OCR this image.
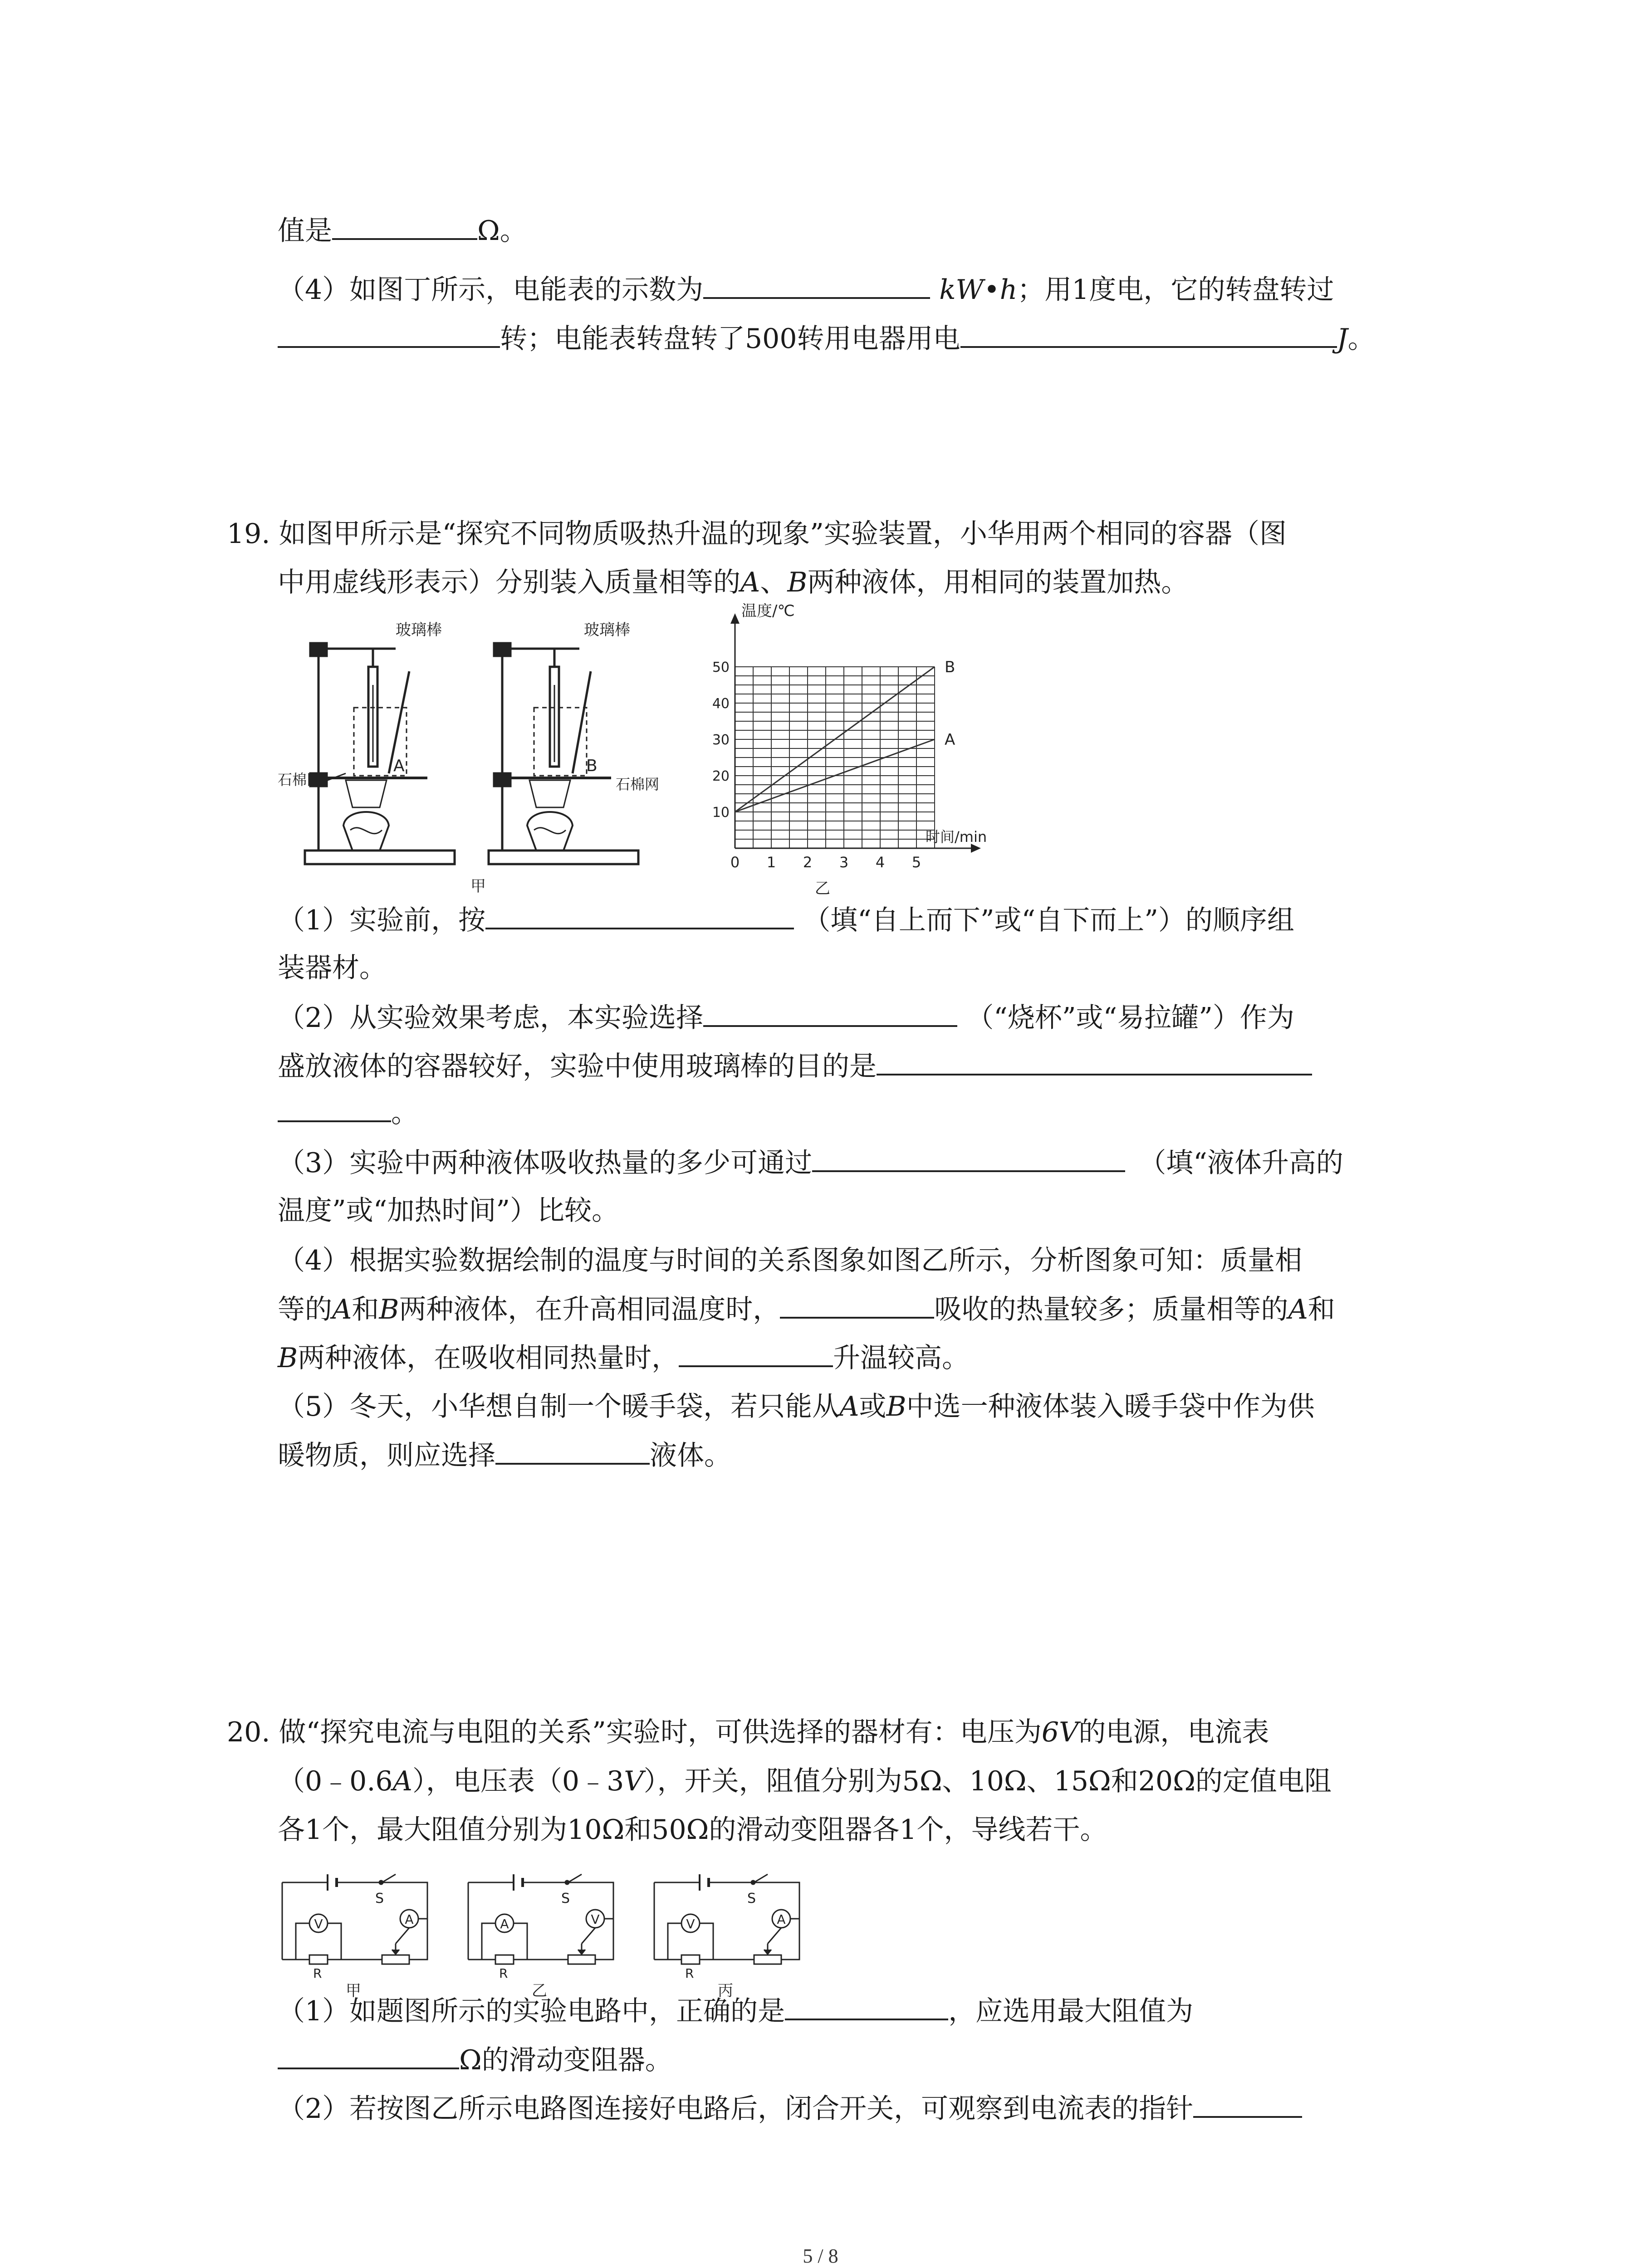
值是	Ω。
（4）如图丁所示，电能表的示数为	kW•h；用1度电，它的转盘转过
转；电能表转盘转了500转用电器用电	J。
19. 如图甲所示是“探究不同物质吸热升温的现象”实验装置，小华用两个相同的容器（图
中用虚线形表示）分别装入质量相等的A、B两种液体，用相同的装置加热。
玻璃棒
A
石棉网
玻璃棒
B
石棉网
甲
0 1 2 3 4 5
10
20
30
40
50
温度/℃
时间/min
乙
B
A
（1）实验前，按	（填“自上而下”或“自下而上”）的顺序组
装器材。
（2）从实验效果考虑，本实验选择	（“烧杯”或“易拉罐”）作为
盛放液体的容器较好，实验中使用玻璃棒的目的是
。
（3）实验中两种液体吸收热量的多少可通过	（填“液体升高的
温度”或“加热时间”）比较。
（4）根据实验数据绘制的温度与时间的关系图象如图乙所示，分析图象可知：质量相
等的A和B两种液体，在升高相同温度时，	吸收的热量较多；质量相等的A和
B两种液体，在吸收相同热量时，	升温较高。
（5）冬天，小华想自制一个暖手袋，若只能从A或B中选一种液体装入暖手袋中作为供
暖物质，则应选择	液体。
20. 做“探究电流与电阻的关系”实验时，可供选择的器材有：电压为6V的电源，电流表
（0﹣0.6A），电压表（0﹣3V），开关，阻值分别为5Ω、10Ω、15Ω和20Ω的定值电阻
各1个，最大阻值分别为10Ω和50Ω的滑动变阻器各1个，导线若干。
S
R
V	A
甲
S
R
A	V
乙
S
R
V	A
丙
（1）如题图所示的实验电路中，正确的是	，应选用最大阻值为
Ω的滑动变阻器。
（2）若按图乙所示电路图连接好电路后，闭合开关，可观察到电流表的指针
5 / 8
